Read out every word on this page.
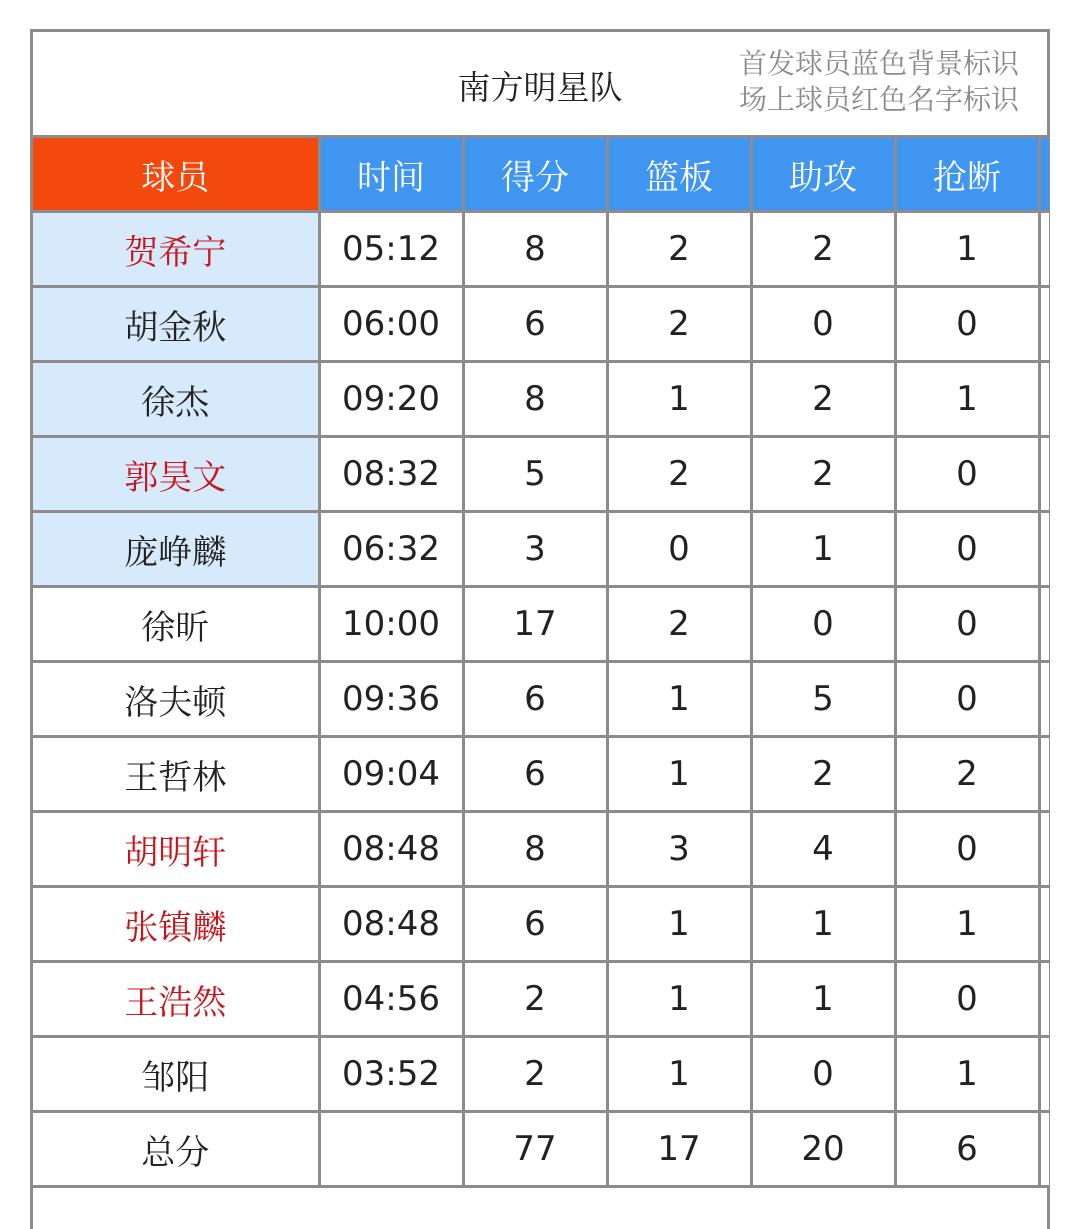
南方明星队
首发球员蓝色背景标识
场上球员红色名字标识
球员	时间	得分	篮板	助攻	抢断	
贺希宁	05:12	8	2	2	1	
胡金秋	06:00	6	2	0	0	
徐杰	09:20	8	1	2	1	
郭昊文	08:32	5	2	2	0	
庞峥麟	06:32	3	0	1	0	
徐昕	10:00	17	2	0	0	
洛夫顿	09:36	6	1	5	0	
王哲林	09:04	6	1	2	2	
胡明轩	08:48	8	3	4	0	
张镇麟	08:48	6	1	1	1	
王浩然	04:56	2	1	1	0	
邹阳	03:52	2	1	0	1	
总分		77	17	20	6	
